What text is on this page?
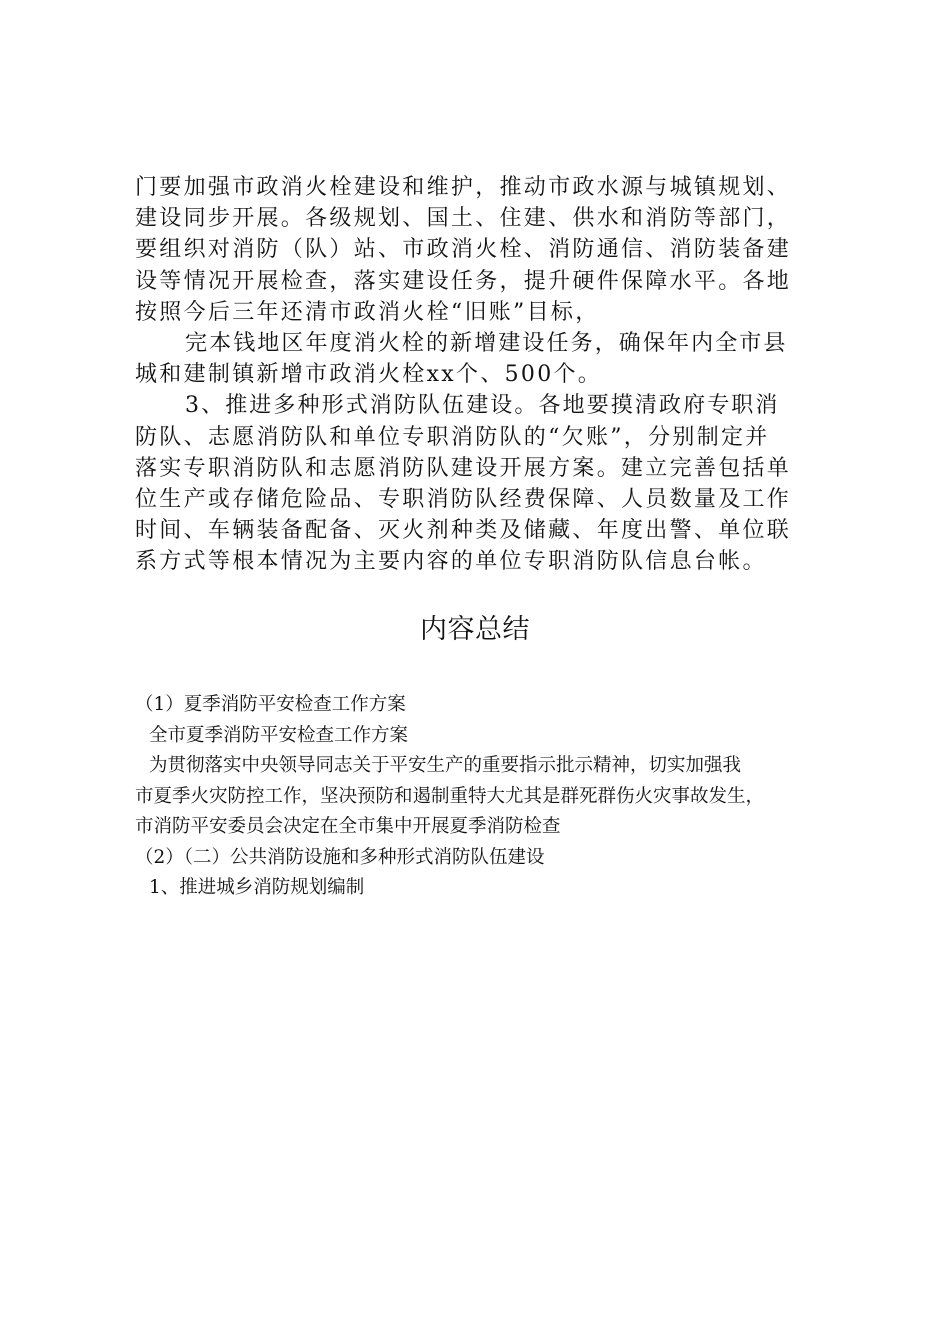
门要加强市政消火栓建设和维护，推动市政水源与城镇规划、
建设同步开展。各级规划、国土、住建、供水和消防等部门，
要组织对消防（队）站、市政消火栓、消防通信、消防装备建
设等情况开展检查，落实建设任务，提升硬件保障水平。各地
按照今后三年还清市政消火栓“旧账”目标，
完本钱地区年度消火栓的新增建设任务，确保年内全市县
城和建制镇新增市政消火栓xx个、500个。
3、推进多种形式消防队伍建设。各地要摸清政府专职消
防队、志愿消防队和单位专职消防队的“欠账”，分别制定并
落实专职消防队和志愿消防队建设开展方案。建立完善包括单
位生产或存储危险品、专职消防队经费保障、人员数量及工作
时间、车辆装备配备、灭火剂种类及储藏、年度出警、单位联
系方式等根本情况为主要内容的单位专职消防队信息台帐。
内容总结
（1）夏季消防平安检查工作方案
全市夏季消防平安检查工作方案
为贯彻落实中央领导同志关于平安生产的重要指示批示精神，切实加强我
市夏季火灾防控工作，坚决预防和遏制重特大尤其是群死群伤火灾事故发生，
市消防平安委员会决定在全市集中开展夏季消防检查
（2）（二）公共消防设施和多种形式消防队伍建设
1、推进城乡消防规划编制
